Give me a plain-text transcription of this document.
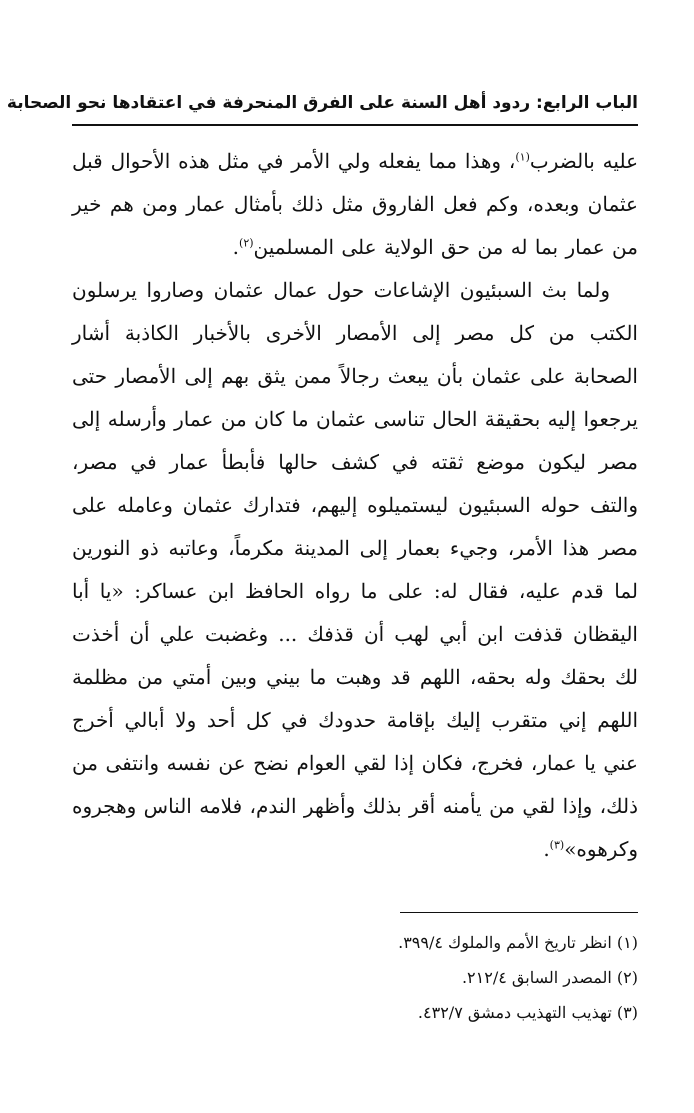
الباب الرابع: ردود أهل السنة على الفرق المنحرفة في اعتقادها نحو الصحابة

عليه بالضرب$^{(١)}$، وهذا مما يفعله ولي الأمر في مثل هذه الأحوال قبل عثمان وبعده، وكم فعل الفاروق مثل ذلك بأمثال عمار ومن هم خير من عمار بما له من حق الولاية على المسلمين$^{(٢)}$.

ولما بث السبئيون الإشاعات حول عمال عثمان وصاروا يرسلون الكتب من كل مصر إلى الأمصار الأخرى بالأخبار الكاذبة أشار الصحابة على عثمان بأن يبعث رجالاً ممن يثق بهم إلى الأمصار حتى يرجعوا إليه بحقيقة الحال تناسى عثمان ما كان من عمار وأرسله إلى مصر ليكون موضع ثقته في كشف حالها فأبطأ عمار في مصر، والتف حوله السبئيون ليستميلوه إليهم، فتدارك عثمان وعامله على مصر هذا الأمر، وجيء بعمار إلى المدينة مكرماً، وعاتبه ذو النورين لما قدم عليه، فقال له: على ما رواه الحافظ ابن عساكر: «يا أبا اليقظان قذفت ابن أبي لهب أن قذفك ... وغضبت علي أن أخذت لك بحقك وله بحقه، اللهم قد وهبت ما بيني وبين أمتي من مظلمة اللهم إني متقرب إليك بإقامة حدودك في كل أحد ولا أبالي أخرج عني يا عمار، فخرج، فكان إذا لقي العوام نضح عن نفسه وانتفى من ذلك، وإذا لقي من يأمنه أقر بذلك وأظهر الندم، فلامه الناس وهجروه وكرهوه»$^{(٣)}$.

(١) انظر تاريخ الأمم والملوك ٣٩٩/٤.
(٢) المصدر السابق ٢١٢/٤.
(٣) تهذيب التهذيب دمشق ٤٣٢/٧.
